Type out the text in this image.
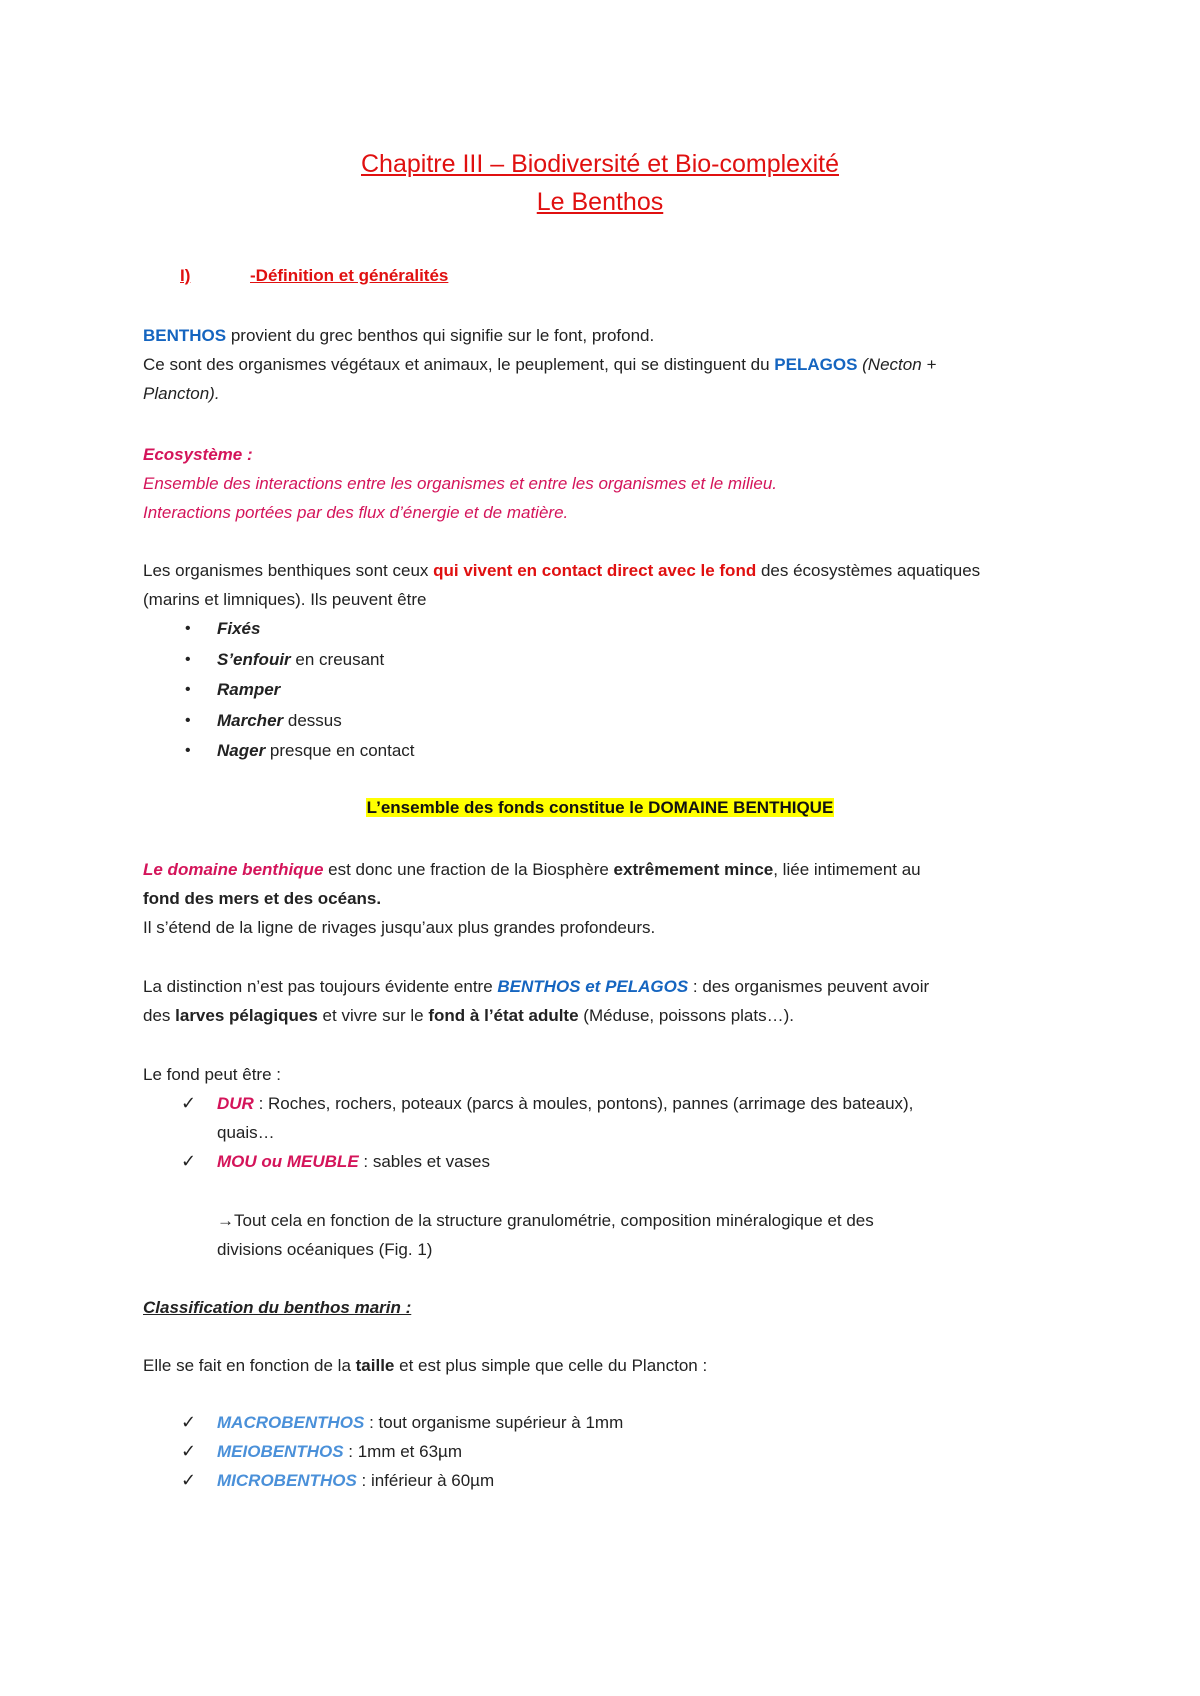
Chapitre III – Biodiversité et Bio-complexité
Le Benthos
I)	-Définition et généralités
BENTHOS provient du grec benthos qui signifie sur le font, profond.
Ce sont des organismes végétaux et animaux, le peuplement, qui se distinguent du PELAGOS (Necton +
Plancton).
Ecosystème :
Ensemble des interactions entre les organismes et entre les organismes et le milieu.
Interactions portées par des flux d’énergie et de matière.
Les organismes benthiques sont ceux qui vivent en contact direct avec le fond des écosystèmes aquatiques
(marins et limniques). Ils peuvent être
• Fixés
• S’enfouir en creusant
• Ramper
• Marcher dessus
• Nager presque en contact
L’ensemble des fonds constitue le DOMAINE BENTHIQUE
Le domaine benthique est donc une fraction de la Biosphère extrêmement mince, liée intimement au
fond des mers et des océans.
Il s’étend de la ligne de rivages jusqu’aux plus grandes profondeurs.
La distinction n’est pas toujours évidente entre BENTHOS et PELAGOS : des organismes peuvent avoir
des larves pélagiques et vivre sur le fond à l’état adulte (Méduse, poissons plats…).
Le fond peut être :
✓ DUR : Roches, rochers, poteaux (parcs à moules, pontons), pannes (arrimage des bateaux),
quais…
✓ MOU ou MEUBLE : sables et vases
→Tout cela en fonction de la structure granulométrie, composition minéralogique et des
divisions océaniques (Fig. 1)
Classification du benthos marin :
Elle se fait en fonction de la taille et est plus simple que celle du Plancton :
✓ MACROBENTHOS : tout organisme supérieur à 1mm
✓ MEIOBENTHOS : 1mm et 63µm
✓ MICROBENTHOS : inférieur à 60µm
